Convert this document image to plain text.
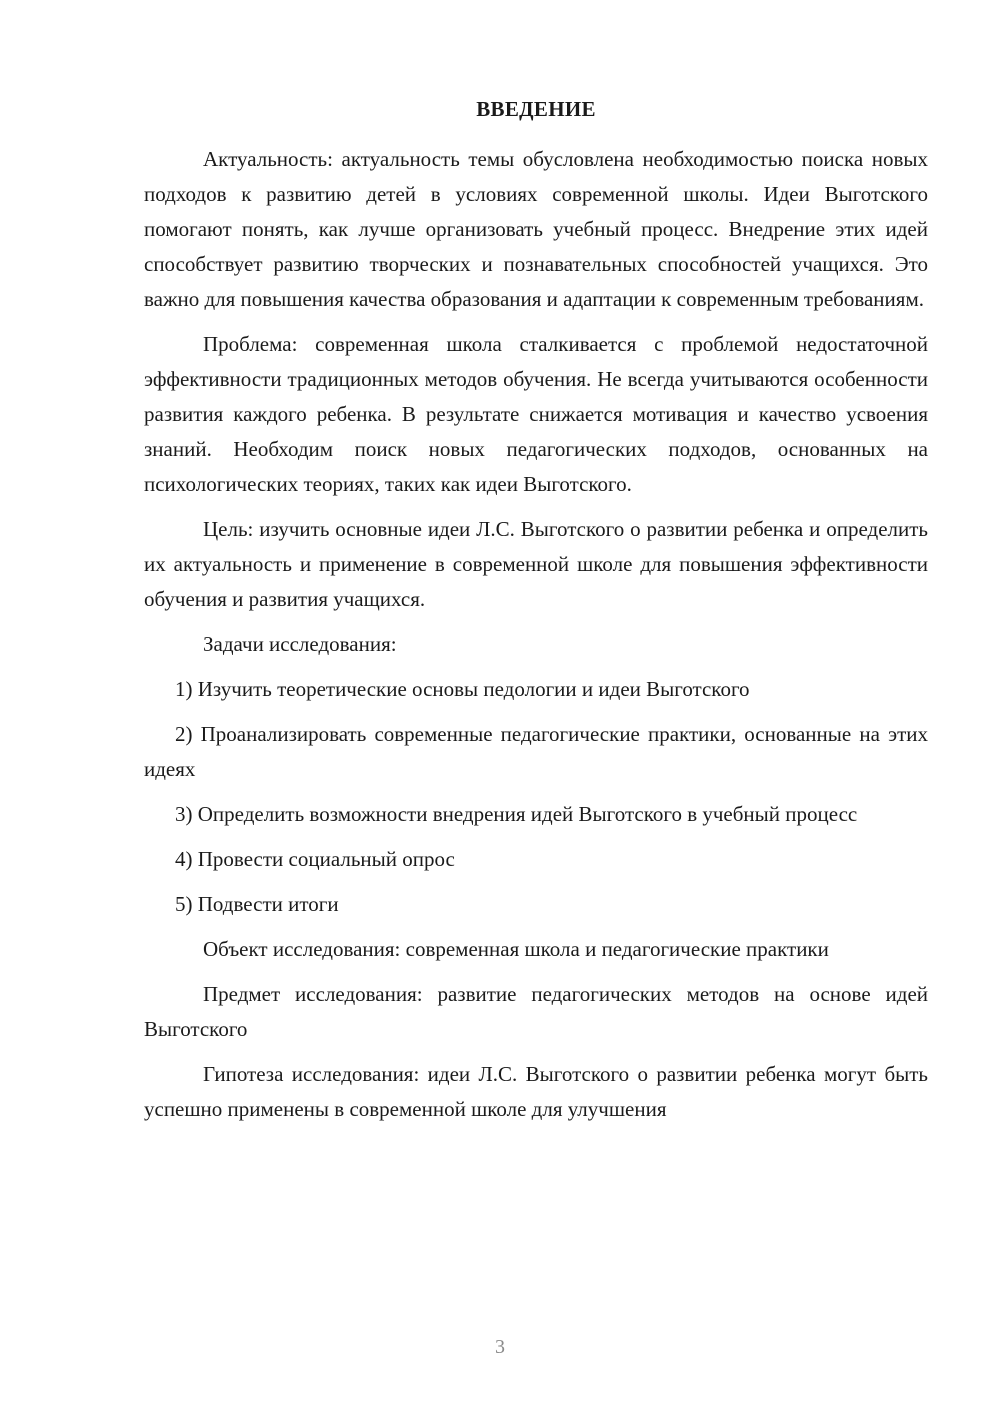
ВВЕДЕНИЕ

Актуальность: актуальность темы обусловлена необходимостью поиска новых подходов к развитию детей в условиях современной школы. Идеи Выготского помогают понять, как лучше организовать учебный процесс. Внедрение этих идей способствует развитию творческих и познавательных способностей учащихся. Это важно для повышения качества образования и адаптации к современным требованиям.

Проблема: современная школа сталкивается с проблемой недостаточной эффективности традиционных методов обучения. Не всегда учитываются особенности развития каждого ребенка. В результате снижается мотивация и качество усвоения знаний. Необходим поиск новых педагогических подходов, основанных на психологических теориях, таких как идеи Выготского.

Цель: изучить основные идеи Л.С. Выготского о развитии ребенка и определить их актуальность и применение в современной школе для повышения эффективности обучения и развития учащихся.

Задачи исследования:

1) Изучить теоретические основы педологии и идеи Выготского

2) Проанализировать современные педагогические практики, основанные на этих идеях

3) Определить возможности внедрения идей Выготского в учебный процесс

4) Провести социальный опрос

5) Подвести итоги

Объект исследования: современная школа и педагогические практики

Предмет исследования: развитие педагогических методов на основе идей Выготского

Гипотеза исследования: идеи Л.С. Выготского о развитии ребенка могут быть успешно применены в современной школе для улучшения

3
